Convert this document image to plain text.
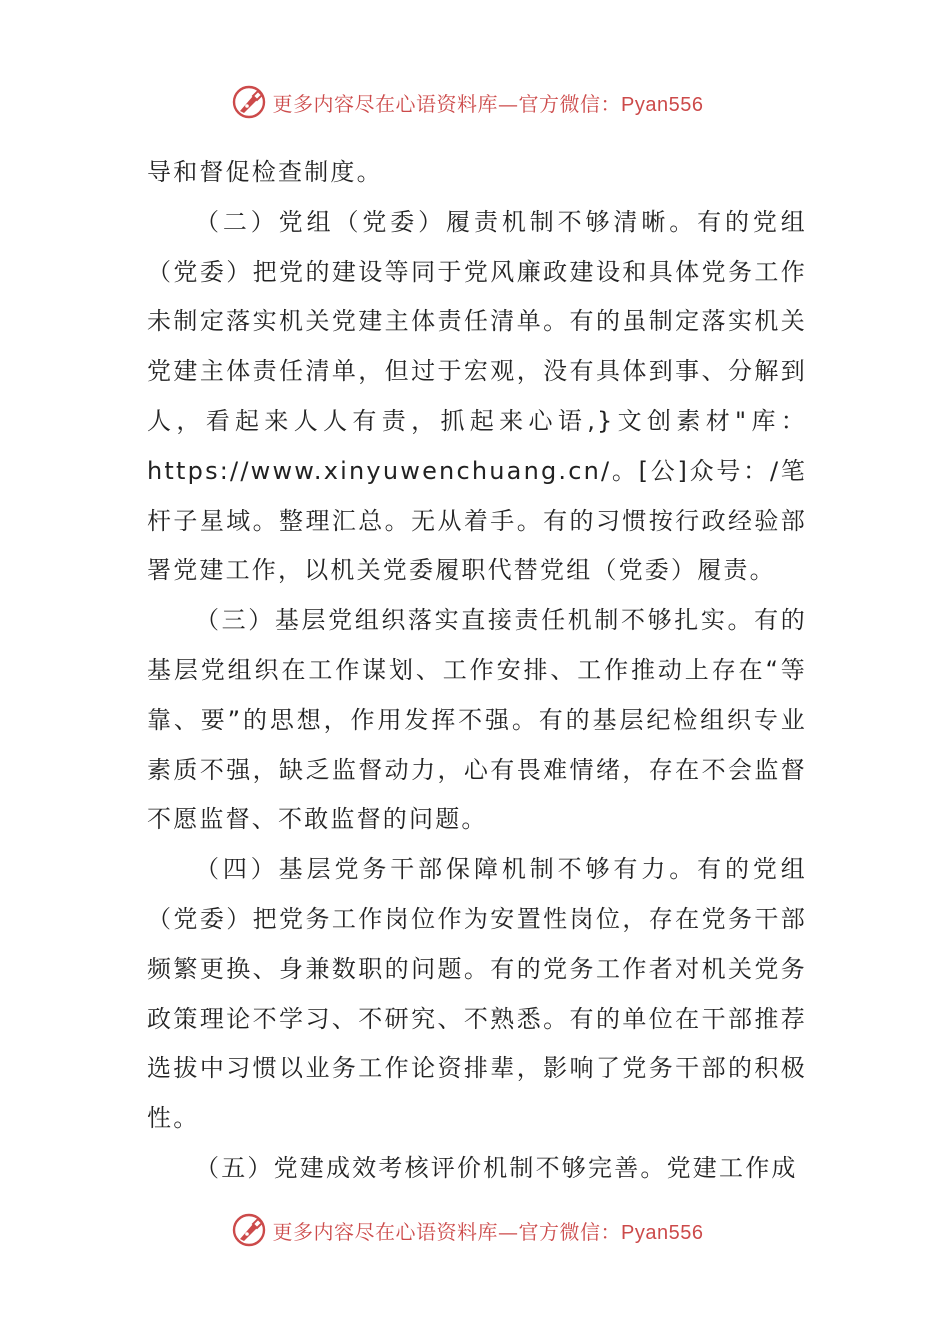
更多内容尽在心语资料库—官方微信：Pyan556

导和督促检查制度。

（二）党组（党委）履责机制不够清晰。有的党组（党委）把党的建设等同于党风廉政建设和具体党务工作未制定落实机关党建主体责任清单。有的虽制定落实机关党建主体责任清单，但过于宏观，没有具体到事、分解到人，看起来人人有责，抓起来心语,}文创素材"库：https://www.xinyuwenchuang.cn/。[公]众号：/笔杆子星域。整理汇总。无从着手。有的习惯按行政经验部署党建工作，以机关党委履职代替党组（党委）履责。

（三）基层党组织落实直接责任机制不够扎实。有的基层党组织在工作谋划、工作安排、工作推动上存在“等靠、要”的思想，作用发挥不强。有的基层纪检组织专业素质不强，缺乏监督动力，心有畏难情绪，存在不会监督不愿监督、不敢监督的问题。

（四）基层党务干部保障机制不够有力。有的党组（党委）把党务工作岗位作为安置性岗位，存在党务干部频繁更换、身兼数职的问题。有的党务工作者对机关党务政策理论不学习、不研究、不熟悉。有的单位在干部推荐选拔中习惯以业务工作论资排辈，影响了党务干部的积极性。

（五）党建成效考核评价机制不够完善。党建工作成

更多内容尽在心语资料库—官方微信：Pyan556
